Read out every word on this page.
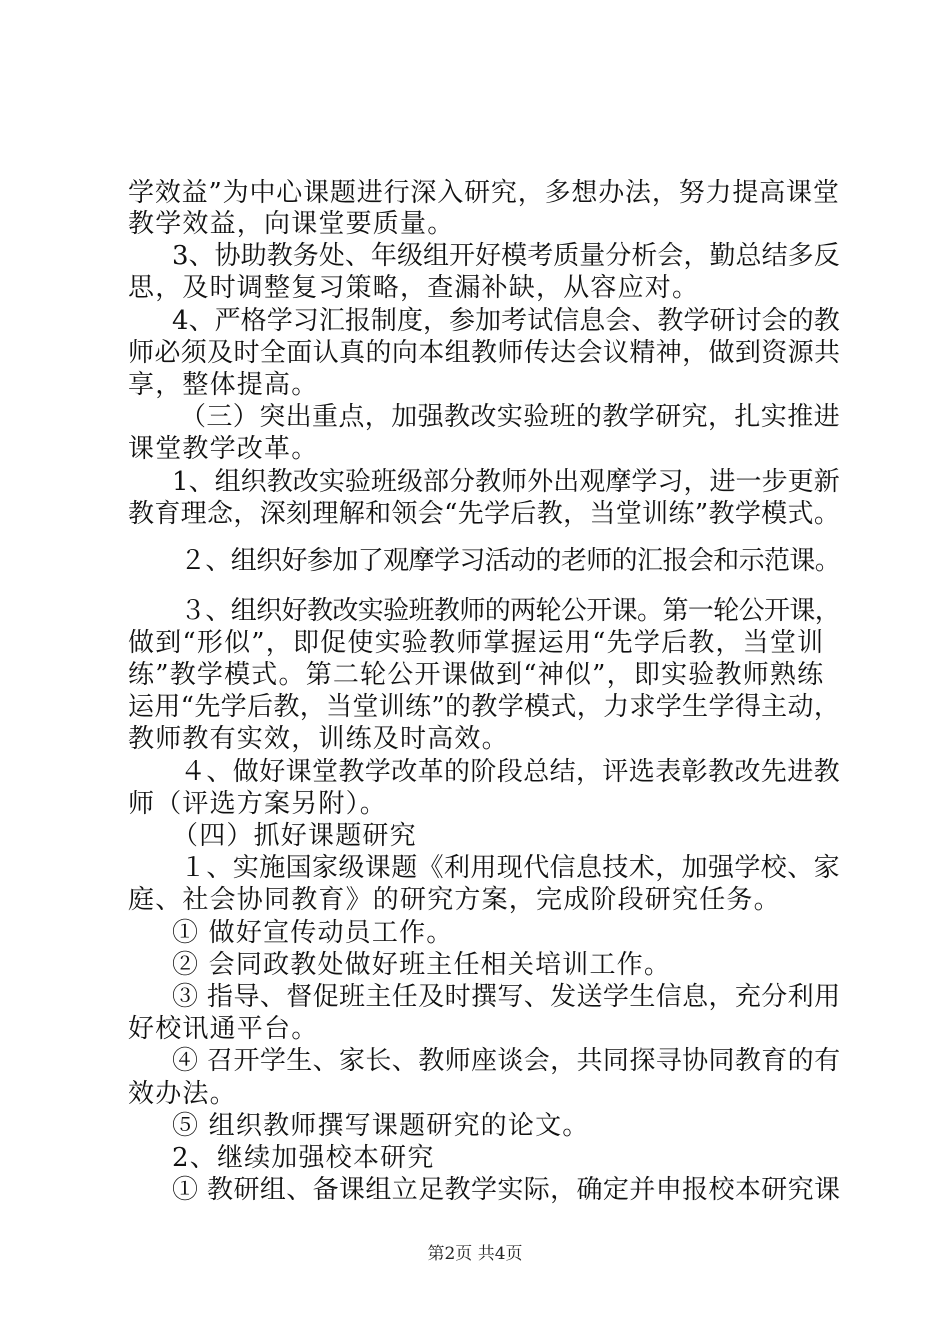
学效益”为中心课题进行深入研究，多想办法，努力提高课堂
教学效益，向课堂要质量。
3、协助教务处、年级组开好模考质量分析会，勤总结多反
思，及时调整复习策略，查漏补缺，从容应对。
4、严格学习汇报制度，参加考试信息会、教学研讨会的教
师必须及时全面认真的向本组教师传达会议精神，做到资源共
享，整体提高。
（三）突出重点，加强教改实验班的教学研究，扎实推进
课堂教学改革。
1、组织教改实验班级部分教师外出观摩学习，进一步更新
教育理念，深刻理解和领会“先学后教，当堂训练”教学模式。
２、组织好参加了观摩学习活动的老师的汇报会和示范课。
３、组织好教改实验班教师的两轮公开课。第一轮公开课，
做到“形似”，即促使实验教师掌握运用“先学后教，当堂训
练”教学模式。第二轮公开课做到“神似”，即实验教师熟练
运用“先学后教，当堂训练”的教学模式，力求学生学得主动，
教师教有实效，训练及时高效。
４、做好课堂教学改革的阶段总结，评选表彰教改先进教
师（评选方案另附）。
（四）抓好课题研究
１、实施国家级课题《利用现代信息技术，加强学校、家
庭、社会协同教育》的研究方案，完成阶段研究任务。
① 做好宣传动员工作。
② 会同政教处做好班主任相关培训工作。
③ 指导、督促班主任及时撰写、发送学生信息，充分利用
好校讯通平台。
④ 召开学生、家长、教师座谈会，共同探寻协同教育的有
效办法。
⑤ 组织教师撰写课题研究的论文。
2、继续加强校本研究
① 教研组、备课组立足教学实际，确定并申报校本研究课
第2页 共4页
